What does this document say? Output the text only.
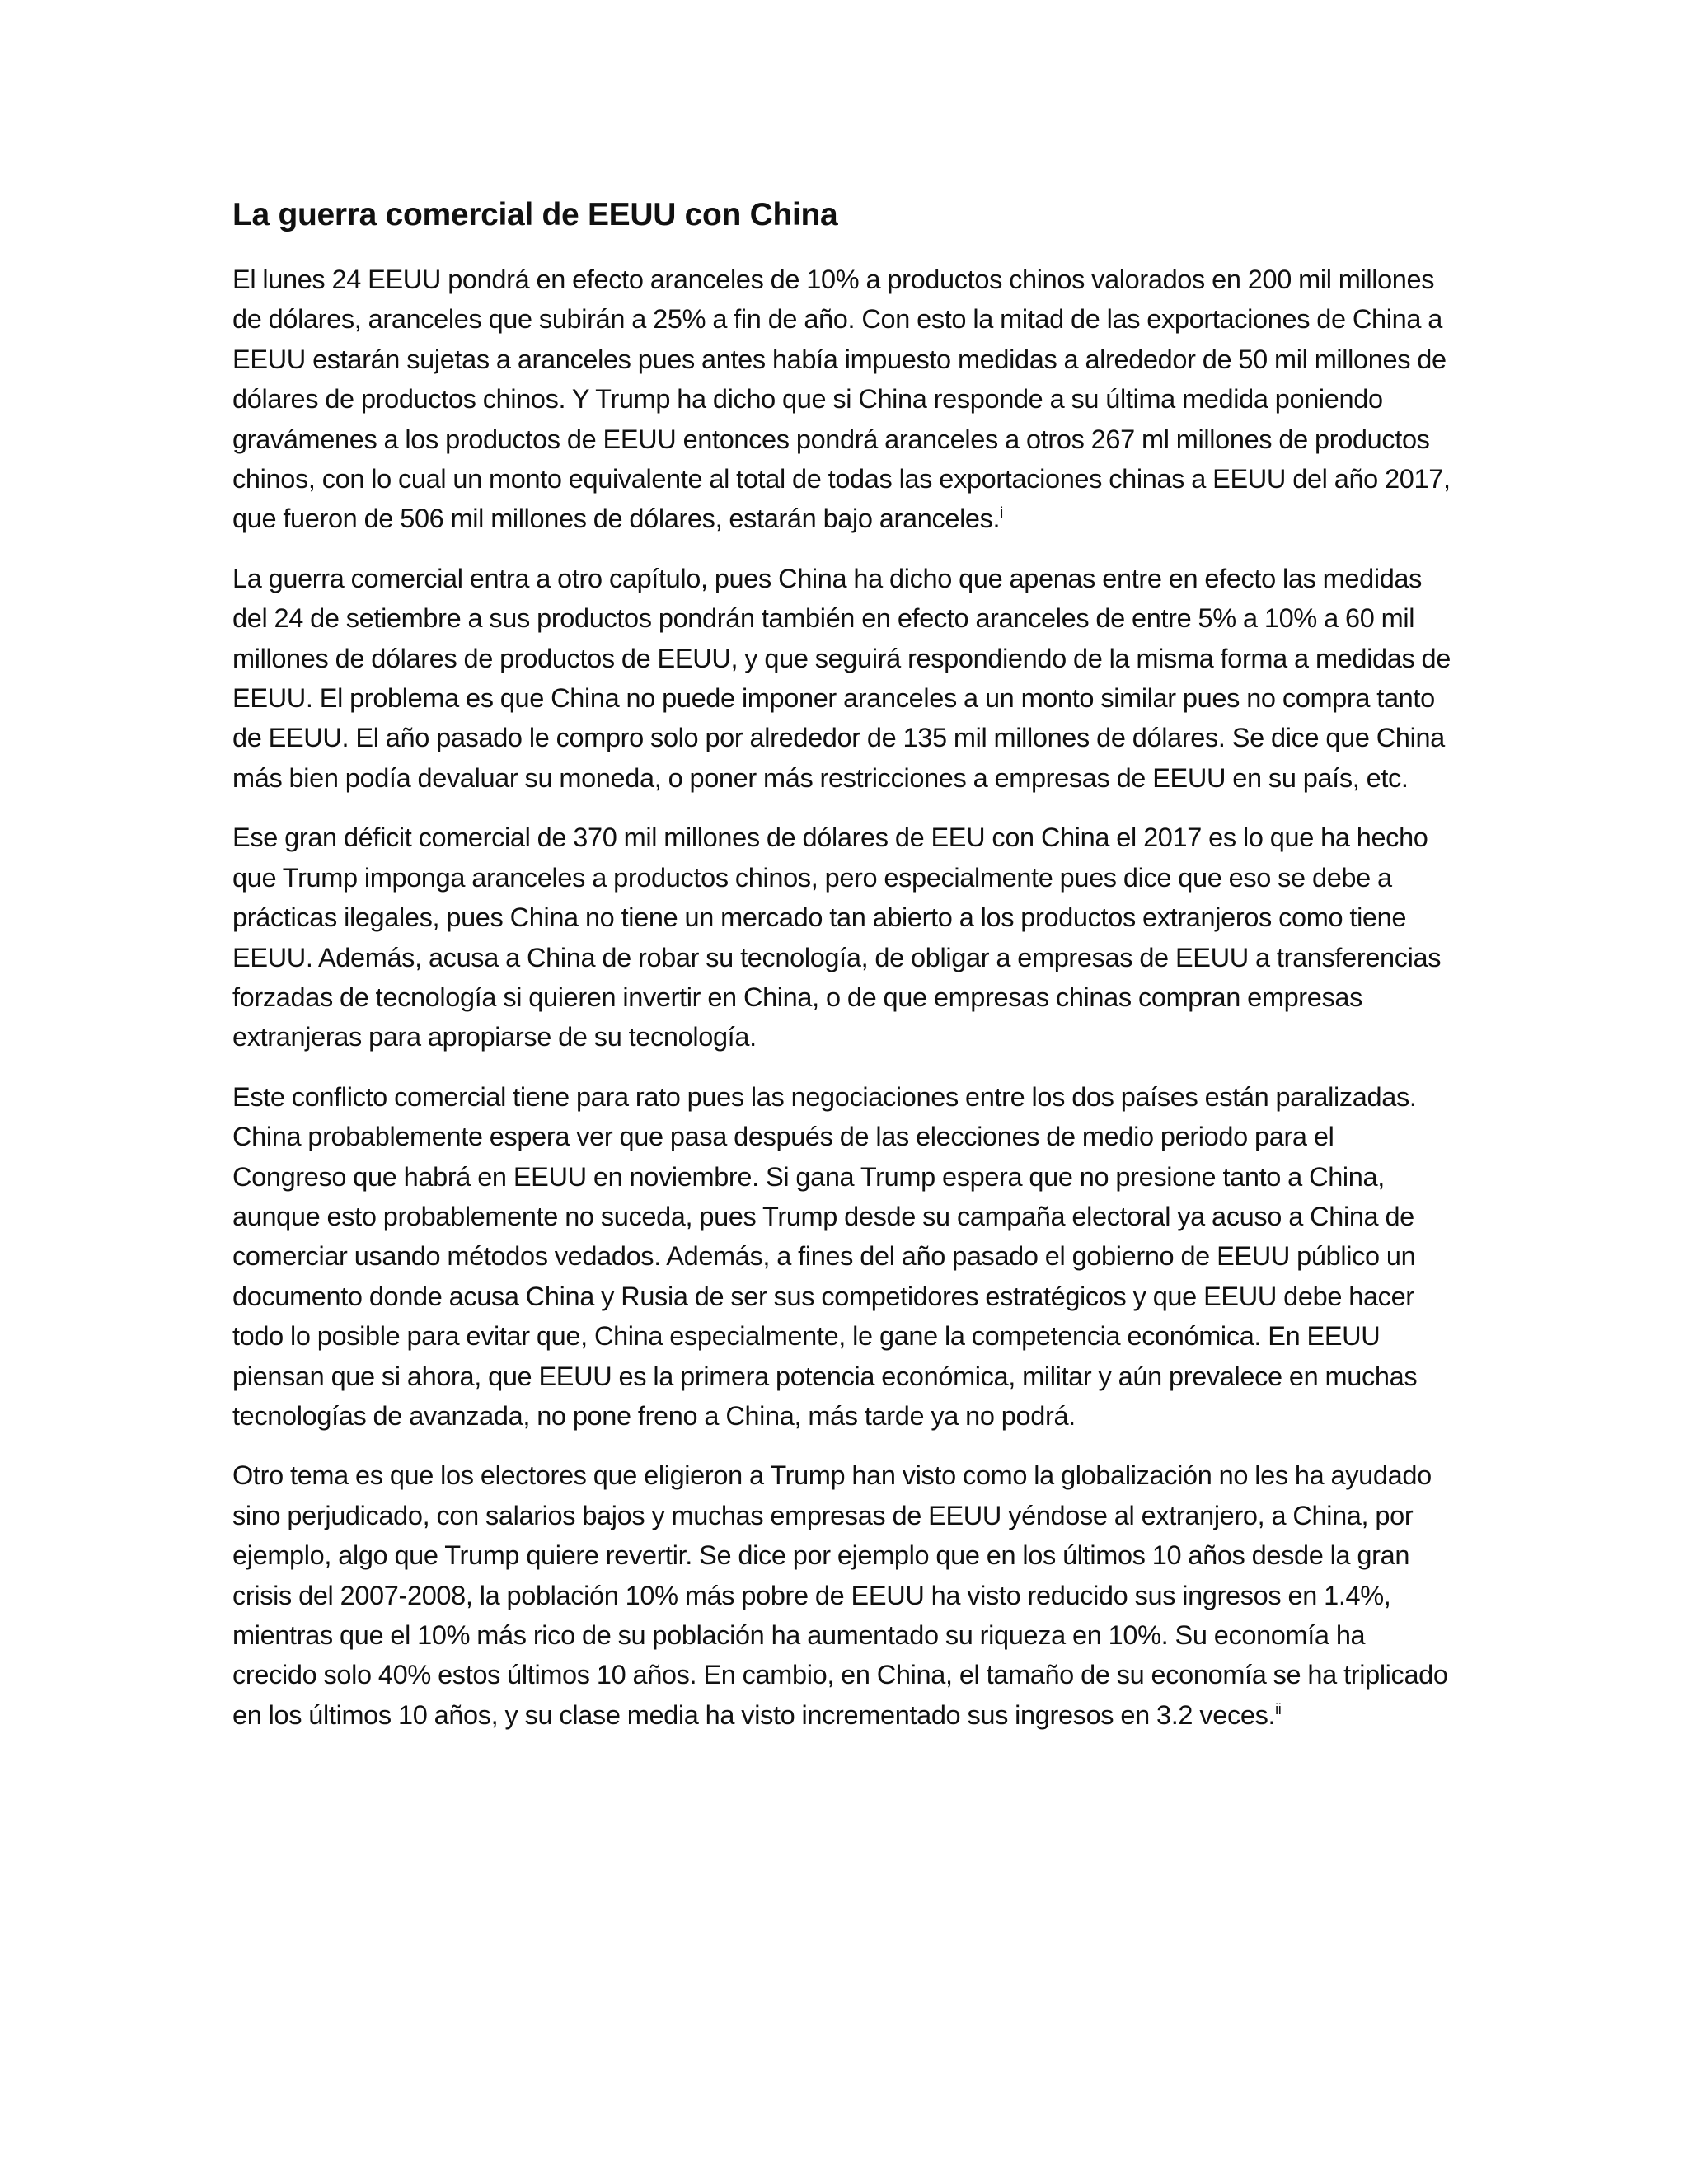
La guerra comercial de EEUU con China

El lunes 24 EEUU pondrá en efecto aranceles de 10% a productos chinos valorados en 200 mil millones de dólares, aranceles que subirán a 25% a fin de año. Con esto la mitad de las exportaciones de China a EEUU estarán sujetas a aranceles pues antes había impuesto medidas a alrededor de 50 mil millones de dólares de productos chinos. Y Trump ha dicho que si China responde a su última medida poniendo gravámenes a los productos de EEUU entonces pondrá aranceles a otros 267 ml millones de productos chinos, con lo cual un monto equivalente al total de todas las exportaciones chinas a EEUU del año 2017, que fueron de 506 mil millones de dólares, estarán bajo aranceles.$^i$

La guerra comercial entra a otro capítulo, pues China ha dicho que apenas entre en efecto las medidas del 24 de setiembre a sus productos pondrán también en efecto aranceles de entre 5% a 10% a 60 mil millones de dólares de productos de EEUU, y que seguirá respondiendo de la misma forma a medidas de EEUU. El problema es que China no puede imponer aranceles a un monto similar pues no compra tanto de EEUU. El año pasado le compro solo por alrededor de 135 mil millones de dólares. Se dice que China más bien podía devaluar su moneda, o poner más restricciones a empresas de EEUU en su país, etc.

Ese gran déficit comercial de 370 mil millones de dólares de EEU con China el 2017 es lo que ha hecho que Trump imponga aranceles a productos chinos, pero especialmente pues dice que eso se debe a prácticas ilegales, pues China no tiene un mercado tan abierto a los productos extranjeros como tiene EEUU. Además, acusa a China de robar su tecnología, de obligar a empresas de EEUU a transferencias forzadas de tecnología si quieren invertir en China, o de que empresas chinas compran empresas extranjeras para apropiarse de su tecnología.

Este conflicto comercial tiene para rato pues las negociaciones entre los dos países están paralizadas. China probablemente espera ver que pasa después de las elecciones de medio periodo para el Congreso que habrá en EEUU en noviembre. Si gana Trump espera que no presione tanto a China, aunque esto probablemente no suceda, pues Trump desde su campaña electoral ya acuso a China de comerciar usando métodos vedados. Además, a fines del año pasado el gobierno de EEUU público un documento donde acusa China y Rusia de ser sus competidores estratégicos y que EEUU debe hacer todo lo posible para evitar que, China especialmente, le gane la competencia económica. En EEUU piensan que si ahora, que EEUU es la primera potencia económica, militar y aún prevalece en muchas tecnologías de avanzada, no pone freno a China, más tarde ya no podrá.

Otro tema es que los electores que eligieron a Trump han visto como la globalización no les ha ayudado sino perjudicado, con salarios bajos y muchas empresas de EEUU yéndose al extranjero, a China, por ejemplo, algo que Trump quiere revertir. Se dice por ejemplo que en los últimos 10 años desde la gran crisis del 2007-2008, la población 10% más pobre de EEUU ha visto reducido sus ingresos en 1.4%, mientras que el 10% más rico de su población ha aumentado su riqueza en 10%. Su economía ha crecido solo 40% estos últimos 10 años. En cambio, en China, el tamaño de su economía se ha triplicado en los últimos 10 años, y su clase media ha visto incrementado sus ingresos en 3.2 veces.$^{ii}$
